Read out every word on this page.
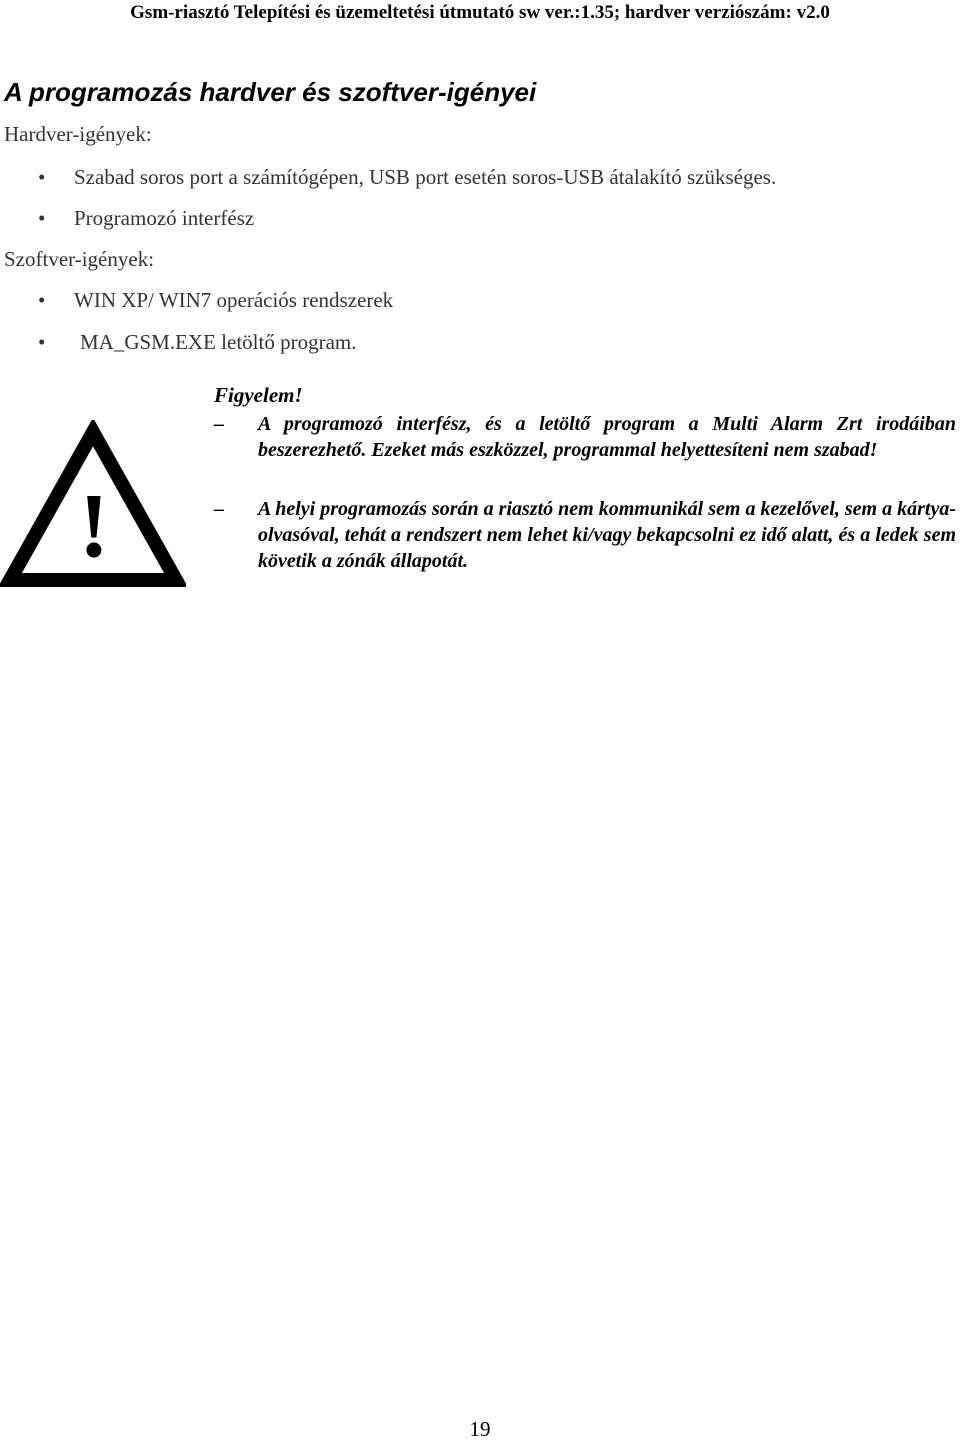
Gsm-riasztó Telepítési és üzemeltetési útmutató sw ver.:1.35; hardver verziószám: v2.0
A programozás hardver és szoftver-igényei
Hardver-igények:
• Szabad soros port a számítógépen, USB port esetén soros-USB átalakító szükséges.
• Programozó interfész
Szoftver-igények:
• WIN XP/ WIN7 operációs rendszerek
• MA_GSM.EXE letöltő program.
!
Figyelem!
–	A programozó interfész, és a letöltő program a Multi Alarm Zrt irodáiban beszerezhető. Ezeket más eszközzel, programmal helyettesíteni nem szabad!
–	A helyi programozás során a riasztó nem kommunikál sem a kezelővel, sem a kártya-olvasóval, tehát a rendszert nem lehet ki/vagy bekapcsolni ez idő alatt, és a ledek sem követik a zónák állapotát.
19
